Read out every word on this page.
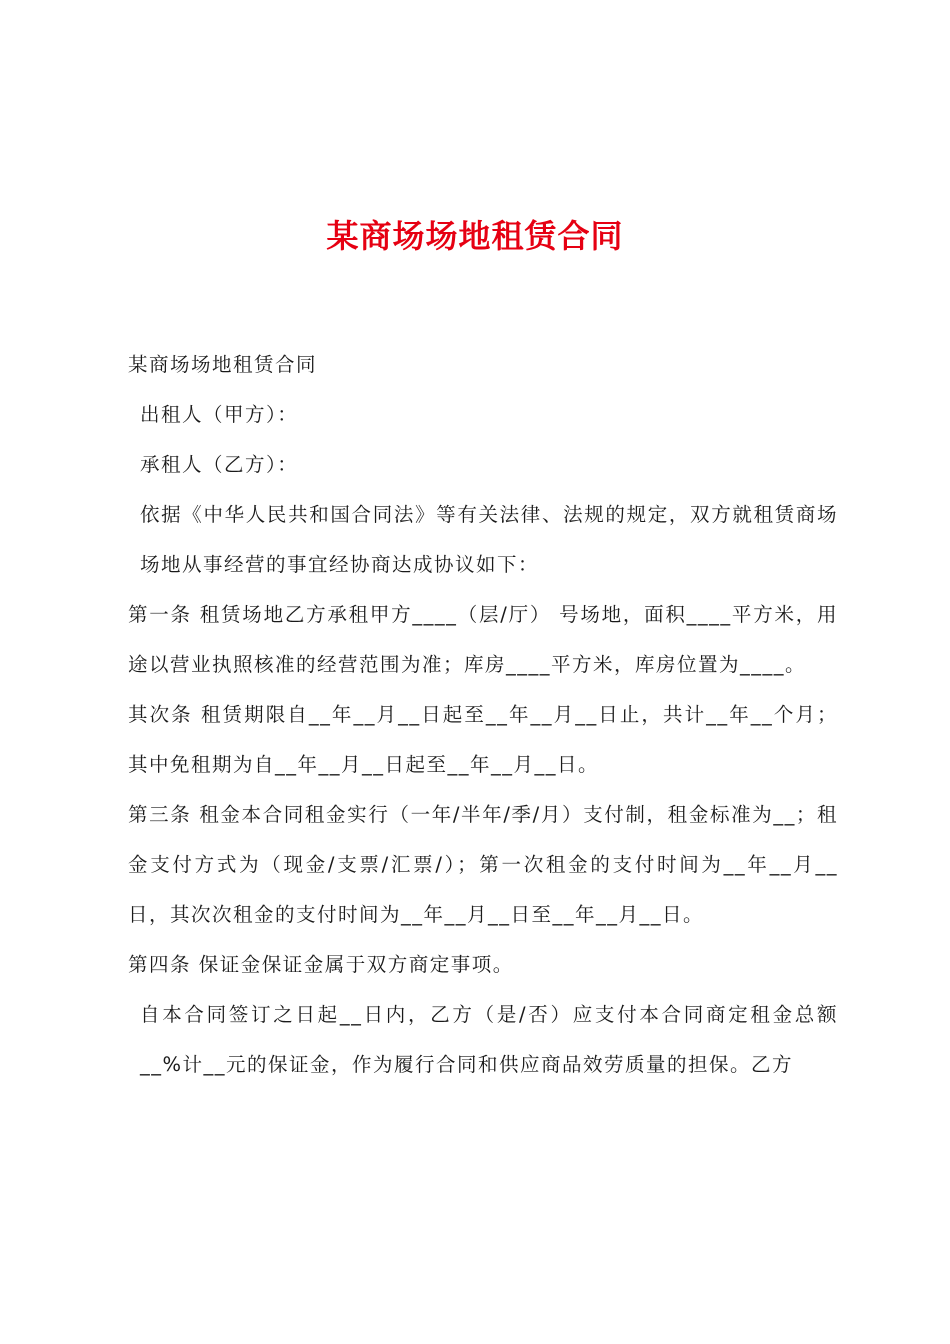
某商场场地租赁合同

某商场场地租赁合同

出租人（甲方）：

承租人（乙方）：

依据《中华人民共和国合同法》等有关法律、法规的规定，双方就租赁商场场地从事经营的事宜经协商达成协议如下：

第一条 租赁场地乙方承租甲方____（层/厅） 号场地，面积____平方米，用途以营业执照核准的经营范围为准；库房____平方米，库房位置为____。

其次条 租赁期限自__年__月__日起至__年__月__日止，共计__年__个月；其中免租期为自__年__月__日起至__年__月__日。

第三条 租金本合同租金实行（一年/半年/季/月）支付制，租金标准为__；租金支付方式为（现金/支票/汇票/）；第一次租金的支付时间为__年__月__日，其次次租金的支付时间为__年__月__日至__年__月__日。

第四条 保证金保证金属于双方商定事项。

自本合同签订之日起__日内，乙方（是/否）应支付本合同商定租金总额__%计__元的保证金，作为履行合同和供应商品效劳质量的担保。乙方
